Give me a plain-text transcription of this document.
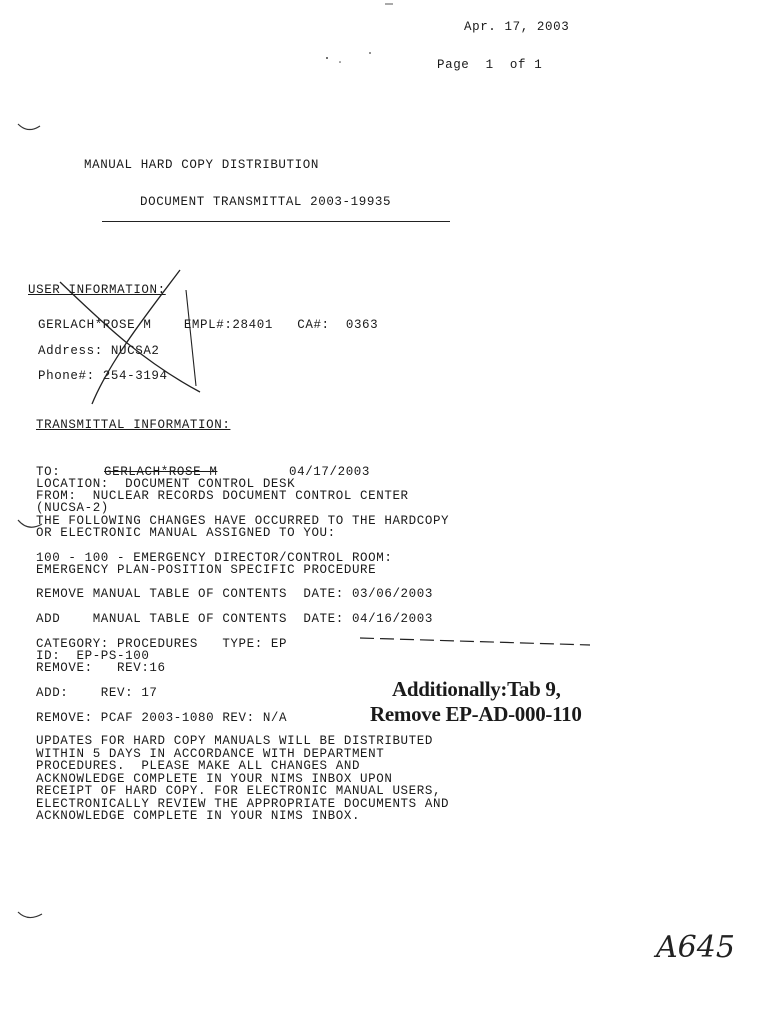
Apr. 17, 2003
Page  1  of 1
MANUAL HARD COPY DISTRIBUTION
DOCUMENT TRANSMITTAL 2003-19935
USER INFORMATION:
GERLACH*ROSE M    EMPL#:28401   CA#:  0363
Address: NUCSA2
Phone#: 254-3194
TRANSMITTAL INFORMATION:
TO:	GERLACH*ROSE M	04/17/2003
LOCATION:  DOCUMENT CONTROL DESK
FROM:  NUCLEAR RECORDS DOCUMENT CONTROL CENTER
(NUCSA-2)
THE FOLLOWING CHANGES HAVE OCCURRED TO THE HARDCOPY
OR ELECTRONIC MANUAL ASSIGNED TO YOU:
100 - 100 - EMERGENCY DIRECTOR/CONTROL ROOM:
EMERGENCY PLAN-POSITION SPECIFIC PROCEDURE
REMOVE MANUAL TABLE OF CONTENTS  DATE: 03/06/2003
ADD    MANUAL TABLE OF CONTENTS  DATE: 04/16/2003
CATEGORY: PROCEDURES   TYPE: EP
ID:  EP-PS-100
REMOVE:   REV:16
ADD:    REV: 17
REMOVE: PCAF 2003-1080 REV: N/A
UPDATES FOR HARD COPY MANUALS WILL BE DISTRIBUTED
WITHIN 5 DAYS IN ACCORDANCE WITH DEPARTMENT
PROCEDURES.  PLEASE MAKE ALL CHANGES AND
ACKNOWLEDGE COMPLETE IN YOUR NIMS INBOX UPON
RECEIPT OF HARD COPY. FOR ELECTRONIC MANUAL USERS,
ELECTRONICALLY REVIEW THE APPROPRIATE DOCUMENTS AND
ACKNOWLEDGE COMPLETE IN YOUR NIMS INBOX.
Additionally:Tab 9,
Remove EP-AD-000-110
A645
